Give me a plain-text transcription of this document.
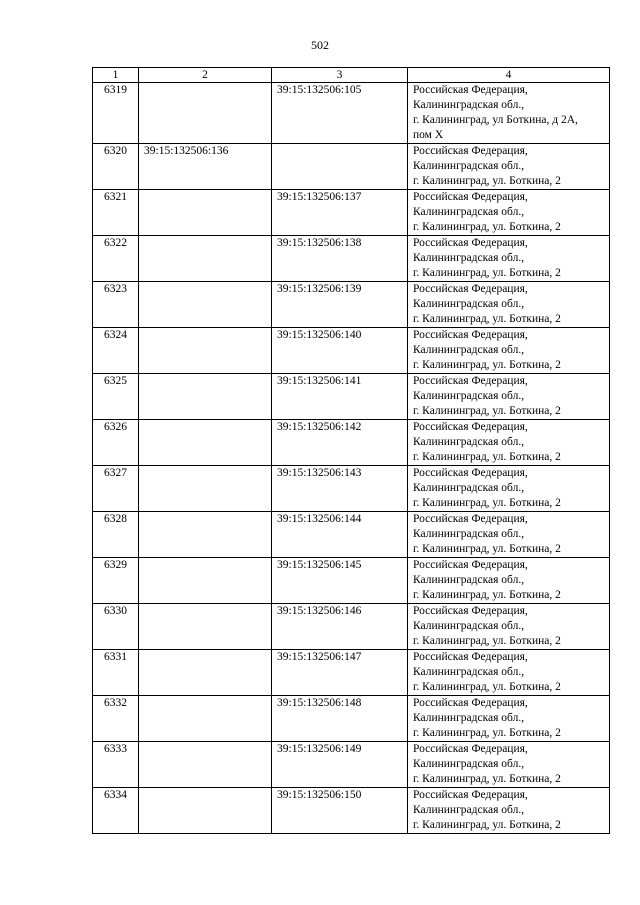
502
1	2	3	4
6319		39:15:132506:105	Российская Федерация,
Калининградская обл.,
г. Калининград, ул Боткина, д 2А,
пом X

6320	39:15:132506:136		Российская Федерация,
Калининградская обл.,
г. Калининград, ул. Боткина, 2

6321		39:15:132506:137	Российская Федерация,
Калининградская обл.,
г. Калининград, ул. Боткина, 2

6322		39:15:132506:138	Российская Федерация,
Калининградская обл.,
г. Калининград, ул. Боткина, 2

6323		39:15:132506:139	Российская Федерация,
Калининградская обл.,
г. Калининград, ул. Боткина, 2

6324		39:15:132506:140	Российская Федерация,
Калининградская обл.,
г. Калининград, ул. Боткина, 2

6325		39:15:132506:141	Российская Федерация,
Калининградская обл.,
г. Калининград, ул. Боткина, 2

6326		39:15:132506:142	Российская Федерация,
Калининградская обл.,
г. Калининград, ул. Боткина, 2

6327		39:15:132506:143	Российская Федерация,
Калининградская обл.,
г. Калининград, ул. Боткина, 2

6328		39:15:132506:144	Российская Федерация,
Калининградская обл.,
г. Калининград, ул. Боткина, 2

6329		39:15:132506:145	Российская Федерация,
Калининградская обл.,
г. Калининград, ул. Боткина, 2

6330		39:15:132506:146	Российская Федерация,
Калининградская обл.,
г. Калининград, ул. Боткина, 2

6331		39:15:132506:147	Российская Федерация,
Калининградская обл.,
г. Калининград, ул. Боткина, 2

6332		39:15:132506:148	Российская Федерация,
Калининградская обл.,
г. Калининград, ул. Боткина, 2

6333		39:15:132506:149	Российская Федерация,
Калининградская обл.,
г. Калининград, ул. Боткина, 2

6334		39:15:132506:150	Российская Федерация,
Калининградская обл.,
г. Калининград, ул. Боткина, 2
